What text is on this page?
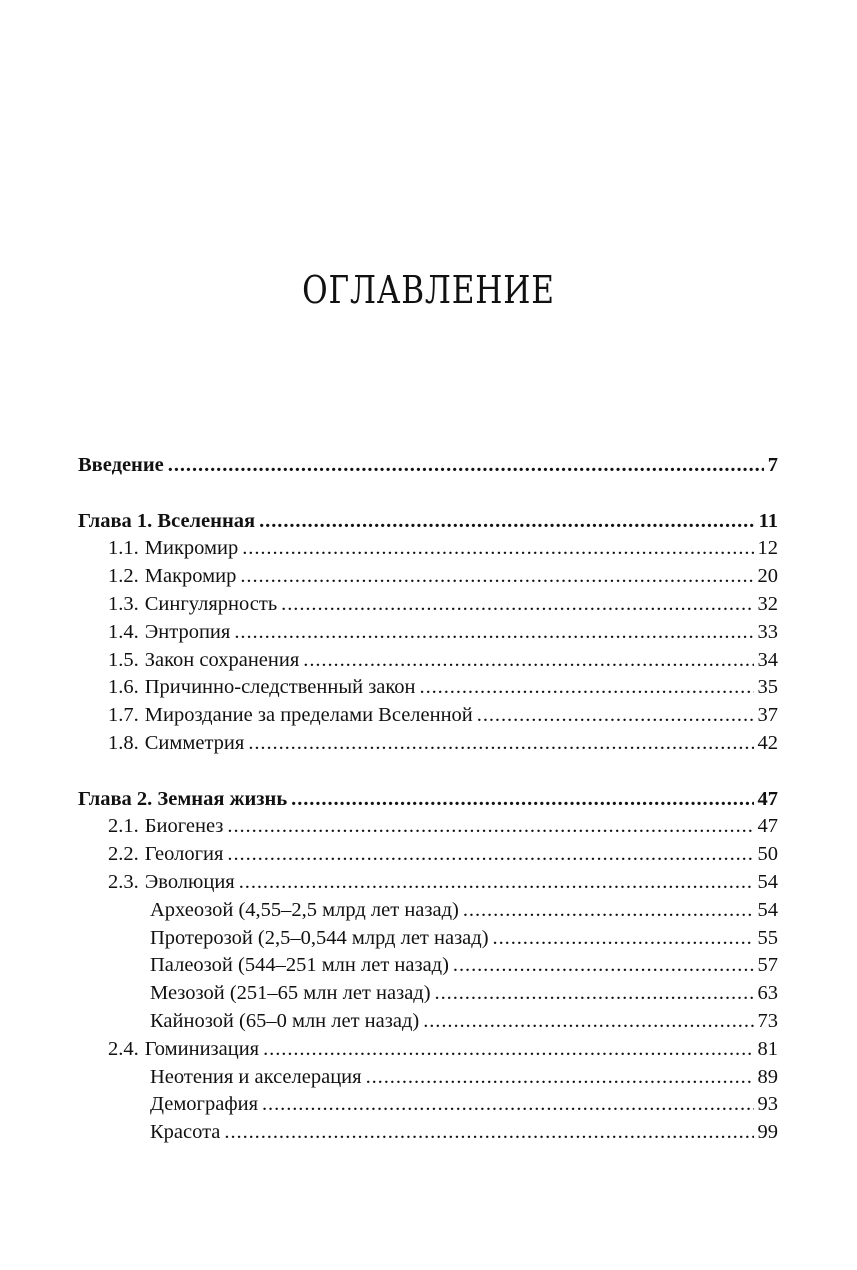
ОГЛАВЛЕНИЕ
Введение . . .	7
Глава 1. Вселенная . . .	11
1.1. Микромир . . .	12
1.2. Макромир . . .	20
1.3. Сингулярность . . .	32
1.4. Энтропия . . .	33
1.5. Закон сохранения . . .	34
1.6. Причинно-следственный закон . . .	35
1.7. Мироздание за пределами Вселенной . . .	37
1.8. Симметрия . . .	42
Глава 2. Земная жизнь . . .	47
2.1. Биогенез . . .	47
2.2. Геология . . .	50
2.3. Эволюция . . .	54
Археозой (4,55–2,5 млрд лет назад) . . .	54
Протерозой (2,5–0,544 млрд лет назад) . . .	55
Палеозой (544–251 млн лет назад) . . .	57
Мезозой (251–65 млн лет назад) . . .	63
Кайнозой (65–0 млн лет назад) . . .	73
2.4. Гоминизация . . .	81
Неотения и акселерация . . .	89
Демография . . .	93
Красота . . .	99
